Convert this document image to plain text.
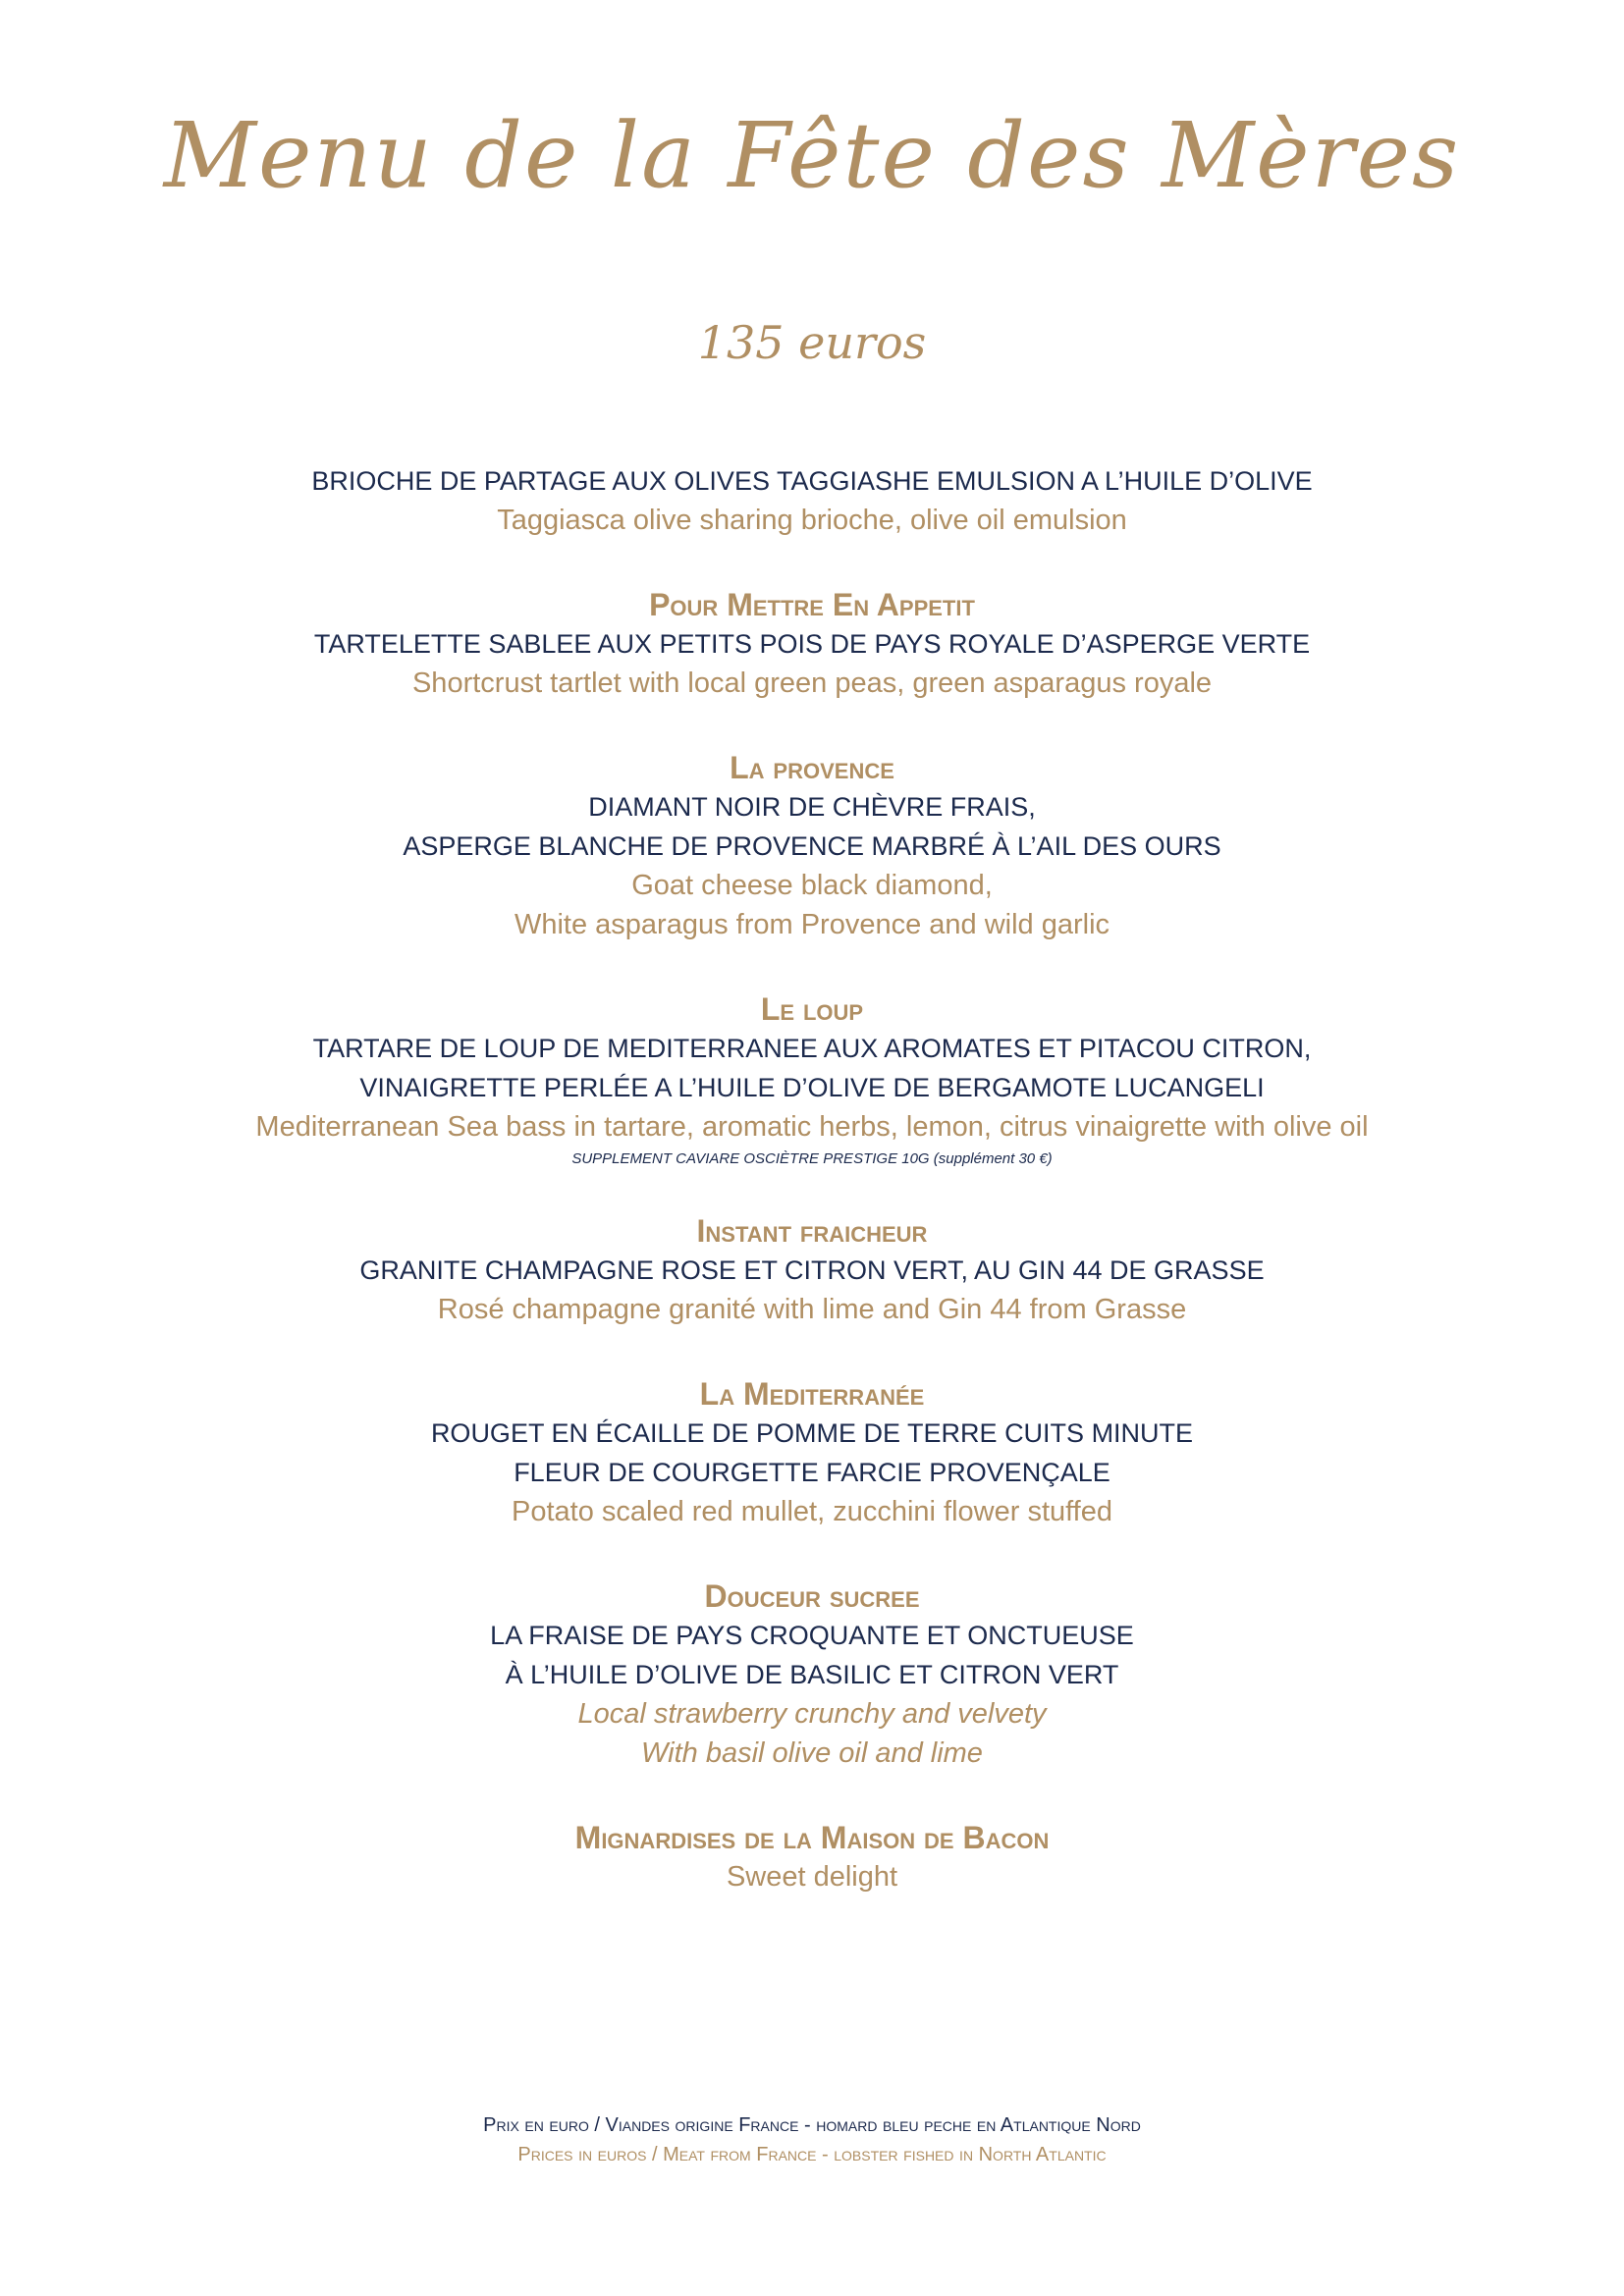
Menu de la Fête des Mères
135 euros
BRIOCHE DE PARTAGE AUX OLIVES TAGGIASHE EMULSION A L’HUILE D’OLIVE
Taggiasca olive sharing brioche, olive oil emulsion
Pour Mettre En Appetit
TARTELETTE SABLEE AUX PETITS POIS DE PAYS ROYALE D’ASPERGE VERTE
Shortcrust tartlet with local green peas, green asparagus royale
La provence
DIAMANT NOIR DE CHÈVRE FRAIS,
ASPERGE BLANCHE DE PROVENCE MARBRÉ À L’AIL DES OURS
Goat cheese black diamond,
White asparagus from Provence and wild garlic
Le loup
TARTARE DE LOUP DE MEDITERRANEE AUX AROMATES ET PITACOU CITRON,
VINAIGRETTE PERLÉE A L’HUILE D’OLIVE DE BERGAMOTE LUCANGELI
Mediterranean Sea bass in tartare, aromatic herbs, lemon, citrus vinaigrette with olive oil
SUPPLEMENT CAVIARE OSCIÈTRE PRESTIGE 10G (supplément 30 €)
Instant fraicheur
GRANITE CHAMPAGNE ROSE ET CITRON VERT, AU GIN 44 DE GRASSE
Rosé champagne granité with lime and Gin 44 from Grasse
La Mediterranée
ROUGET EN ÉCAILLE DE POMME DE TERRE CUITS MINUTE
FLEUR DE COURGETTE FARCIE PROVENÇALE
Potato scaled red mullet, zucchini flower stuffed
Douceur sucree
LA FRAISE DE PAYS CROQUANTE ET ONCTUEUSE
À L’HUILE D’OLIVE DE BASILIC ET CITRON VERT
Local strawberry crunchy and velvety
With basil olive oil and lime
Mignardises de la Maison de Bacon
Sweet delight
Prix en euro / Viandes origine France - homard bleu peche en Atlantique Nord
Prices in euros / Meat from France - lobster fished in North Atlantic
